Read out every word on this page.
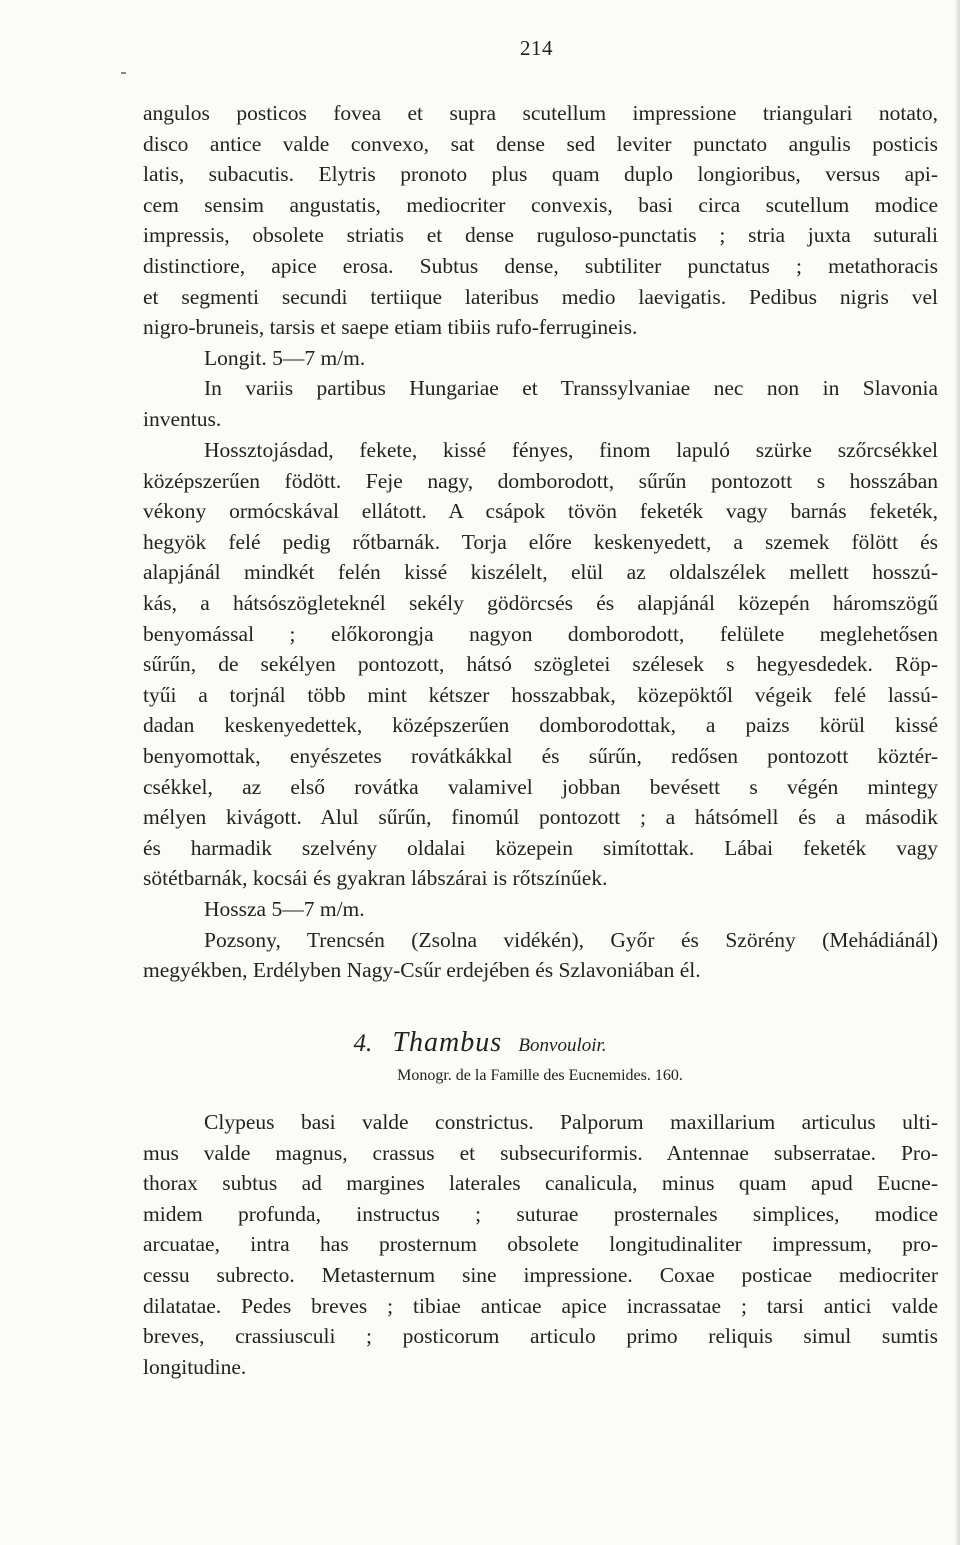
214
angulos posticos fovea et supra scutellum impressione triangulari notato,
disco antice valde convexo, sat dense sed leviter punctato angulis posticis
latis, subacutis. Elytris pronoto plus quam duplo longioribus, versus api-
cem sensim angustatis, mediocriter convexis, basi circa scutellum modice
impressis, obsolete striatis et dense ruguloso-punctatis ; stria juxta suturali
distinctiore, apice erosa. Subtus dense, subtiliter punctatus ; metathoracis
et segmenti secundi tertiique lateribus medio laevigatis. Pedibus nigris vel
nigro-bruneis, tarsis et saepe etiam tibiis rufo-ferrugineis.
Longit. 5—7 m/m.
In variis partibus Hungariae et Transsylvaniae nec non in Slavonia
inventus.
Hossztojásdad, fekete, kissé fényes, finom lapuló szürke szőrcsékkel
középszerűen födött. Feje nagy, domborodott, sűrűn pontozott s hosszában
vékony ormócskával ellátott. A csápok tövön feketék vagy barnás feketék,
hegyök felé pedig rőtbarnák. Torja előre keskenyedett, a szemek fölött és
alapjánál mindkét felén kissé kiszélelt, elül az oldalszélek mellett hosszú-
kás, a hátsószögleteknél sekély gödörcsés és alapjánál közepén háromszögű
benyomással ; előkorongja nagyon domborodott, felülete meglehetősen
sűrűn, de sekélyen pontozott, hátsó szögletei szélesek s hegyesdedek. Röp-
tyűi a torjnál több mint kétszer hosszabbak, közepöktől végeik felé lassú-
dadan keskenyedettek, középszerűen domborodottak, a paizs körül kissé
benyomottak, enyészetes rovátkákkal és sűrűn, redősen pontozott köztér-
csékkel, az első rovátka valamivel jobban bevésett s végén mintegy
mélyen kivágott. Alul sűrűn, finomúl pontozott ; a hátsómell és a második
és harmadik szelvény oldalai közepein simítottak. Lábai feketék vagy
sötétbarnák, kocsái és gyakran lábszárai is rőtszínűek.
Hossza 5—7 m/m.
Pozsony, Trencsén (Zsolna vidékén), Győr és Szörény (Mehádiánál)
megyékben, Erdélyben Nagy-Csűr erdejében és Szlavoniában él.
4. Thambus Bonvouloir.
Monogr. de la Famille des Eucnemides. 160.
Clypeus basi valde constrictus. Palporum maxillarium articulus ulti-
mus valde magnus, crassus et subsecuriformis. Antennae subserratae. Pro-
thorax subtus ad margines laterales canalicula, minus quam apud Eucne-
midem profunda, instructus ; suturae prosternales simplices, modice
arcuatae, intra has prosternum obsolete longitudinaliter impressum, pro-
cessu subrecto. Metasternum sine impressione. Coxae posticae mediocriter
dilatatae. Pedes breves ; tibiae anticae apice incrassatae ; tarsi antici valde
breves, crassiusculi ; posticorum articulo primo reliquis simul sumtis
longitudine.
